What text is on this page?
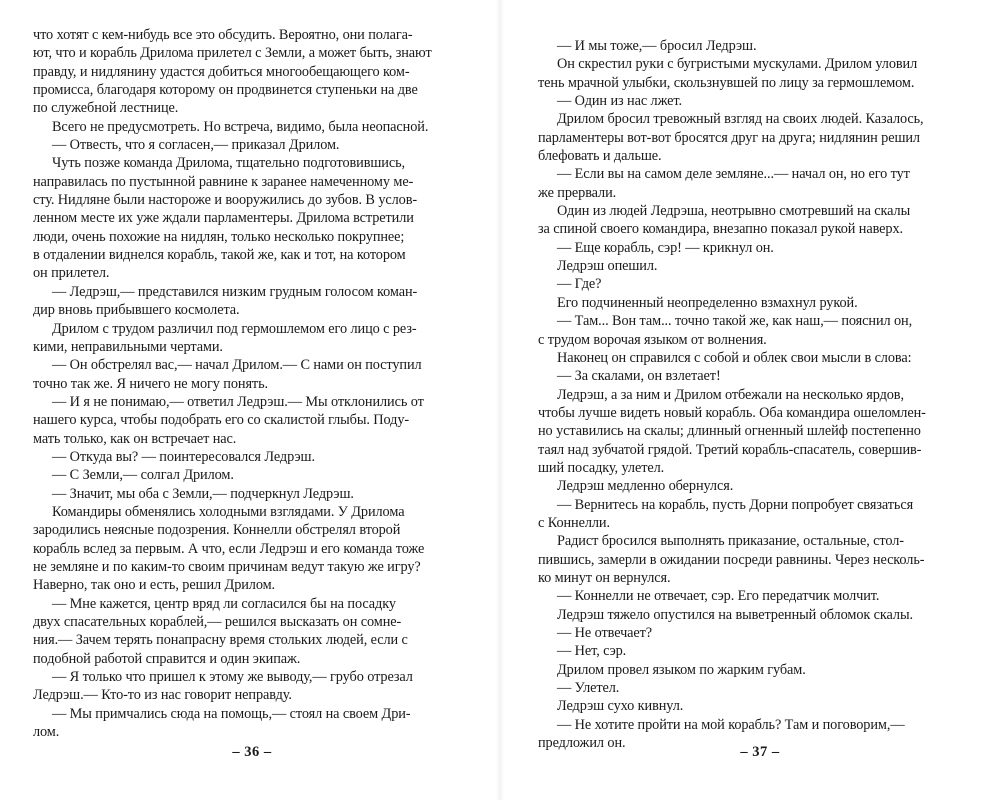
что хотят с кем-нибудь все это обсудить. Вероятно, они полага-
ют, что и корабль Дрилома прилетел с Земли, а может быть, знают
правду, и нидлянину удастся добиться многообещающего ком-
промисса, благодаря которому он продвинется ступеньки на две
по служебной лестнице.
Всего не предусмотреть. Но встреча, видимо, была неопасной.
— Отвесть, что я согласен,— приказал Дрилом.
Чуть позже команда Дрилома, тщательно подготовившись,
направилась по пустынной равнине к заранее намеченному ме-
сту. Нидляне были настороже и вооружились до зубов. В услов-
ленном месте их уже ждали парламентеры. Дрилома встретили
люди, очень похожие на нидлян, только несколько покрупнее;
в отдалении виднелся корабль, такой же, как и тот, на котором
он прилетел.
— Ледрэш,— представился низким грудным голосом коман-
дир вновь прибывшего космолета.
Дрилом с трудом различил под гермошлемом его лицо с рез-
кими, неправильными чертами.
— Он обстрелял вас,— начал Дрилом.— С нами он поступил
точно так же. Я ничего не могу понять.
— И я не понимаю,— ответил Ледрэш.— Мы отклонились от
нашего курса, чтобы подобрать его со скалистой глыбы. Поду-
мать только, как он встречает нас.
— Откуда вы? — поинтересовался Ледрэш.
— С Земли,— солгал Дрилом.
— Значит, мы оба с Земли,— подчеркнул Ледрэш.
Командиры обменялись холодными взглядами. У Дрилома
зародились неясные подозрения. Коннелли обстрелял второй
корабль вслед за первым. А что, если Ледрэш и его команда тоже
не земляне и по каким-то своим причинам ведут такую же игру?
Наверно, так оно и есть, решил Дрилом.
— Мне кажется, центр вряд ли согласился бы на посадку
двух спасательных кораблей,— решился высказать он сомне-
ния.— Зачем терять понапрасну время стольких людей, если с
подобной работой справится и один экипаж.
— Я только что пришел к этому же выводу,— грубо отрезал
Ледрэш.— Кто-то из нас говорит неправду.
— Мы примчались сюда на помощь,— стоял на своем Дри-
лом.
– 36 –
— И мы тоже,— бросил Ледрэш.
Он скрестил руки с бугристыми мускулами. Дрилом уловил
тень мрачной улыбки, скользнувшей по лицу за гермошлемом.
— Один из нас лжет.
Дрилом бросил тревожный взгляд на своих людей. Казалось,
парламентеры вот-вот бросятся друг на друга; нидлянин решил
блефовать и дальше.
— Если вы на самом деле земляне...— начал он, но его тут
же прервали.
Один из людей Ледрэша, неотрывно смотревший на скалы
за спиной своего командира, внезапно показал рукой наверх.
— Еще корабль, сэр! — крикнул он.
Ледрэш опешил.
— Где?
Его подчиненный неопределенно взмахнул рукой.
— Там... Вон там... точно такой же, как наш,— пояснил он,
с трудом ворочая языком от волнения.
Наконец он справился с собой и облек свои мысли в слова:
— За скалами, он взлетает!
Ледрэш, а за ним и Дрилом отбежали на несколько ярдов,
чтобы лучше видеть новый корабль. Оба командира ошеломлен-
но уставились на скалы; длинный огненный шлейф постепенно
таял над зубчатой грядой. Третий корабль-спасатель, совершив-
ший посадку, улетел.
Ледрэш медленно обернулся.
— Вернитесь на корабль, пусть Дорни попробует связаться
с Коннелли.
Радист бросился выполнять приказание, остальные, стол-
пившись, замерли в ожидании посреди равнины. Через несколь-
ко минут он вернулся.
— Коннелли не отвечает, сэр. Его передатчик молчит.
Ледрэш тяжело опустился на выветренный обломок скалы.
— Не отвечает?
— Нет, сэр.
Дрилом провел языком по жарким губам.
— Улетел.
Ледрэш сухо кивнул.
— Не хотите пройти на мой корабль? Там и поговорим,—
предложил он.
– 37 –
